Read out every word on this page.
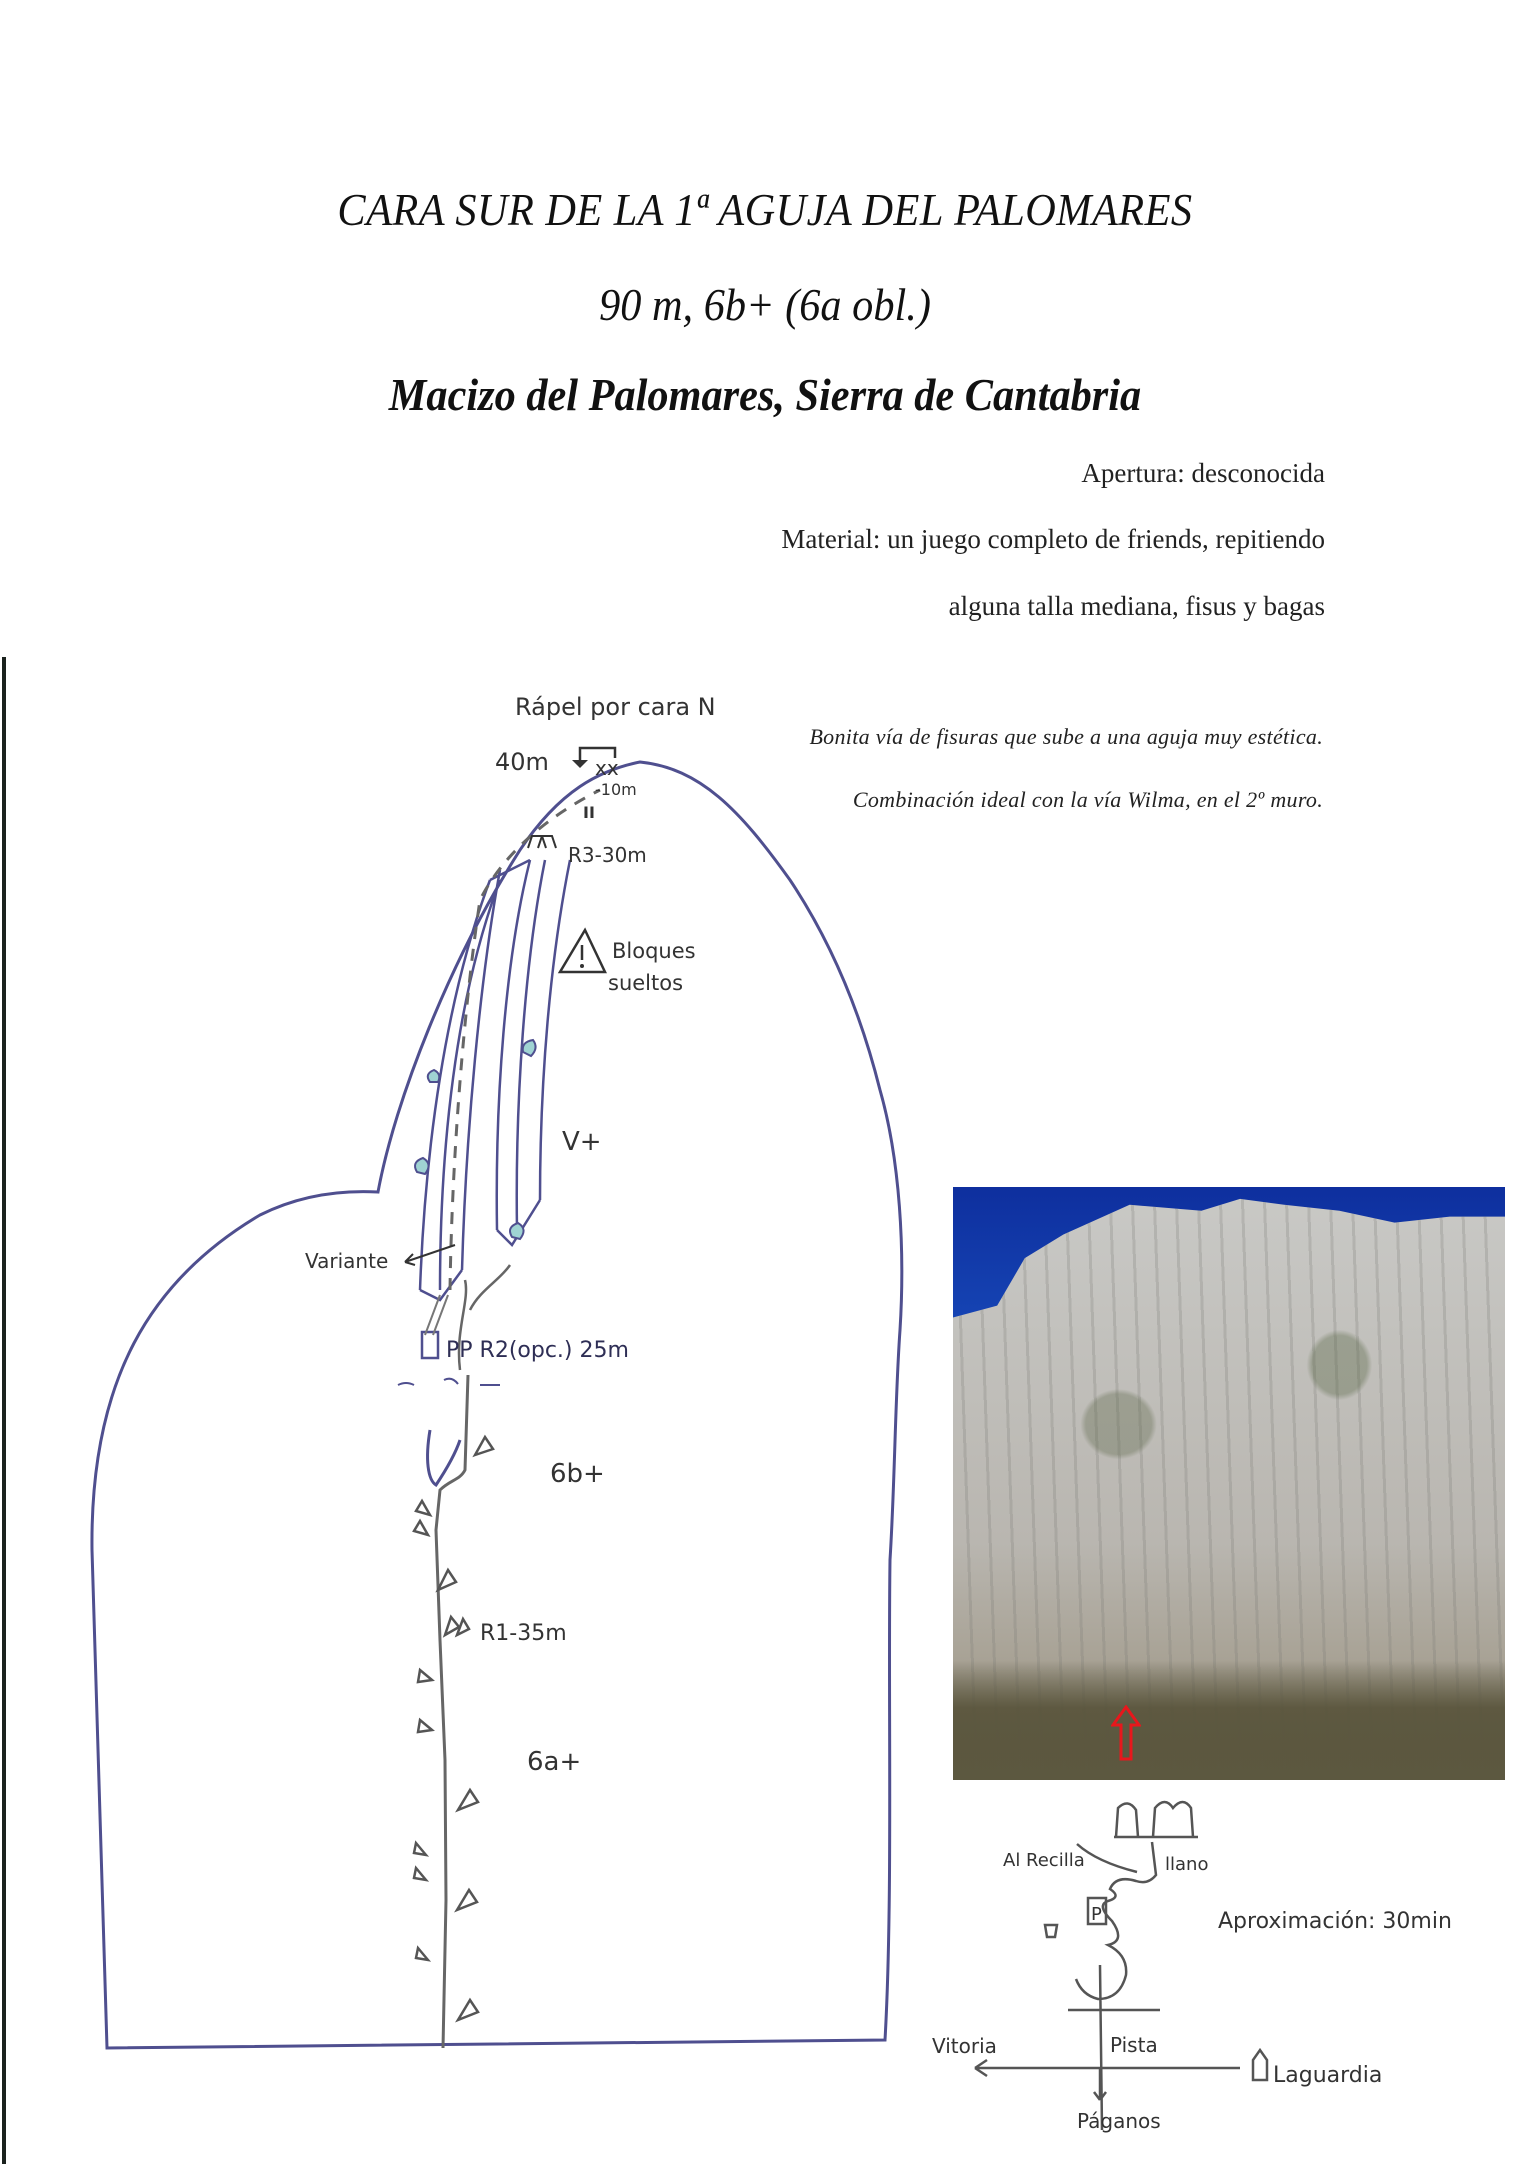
CARA SUR DE LA 1ª AGUJA DEL PALOMARES
90 m, 6b+ (6a obl.)
Macizo del Palomares, Sierra de Cantabria
Apertura: desconocida
Material: un juego completo de friends, repitiendo
alguna talla mediana, fisus y bagas
Bonita vía de fisuras que sube a una aguja muy estética.
Combinación ideal con la vía Wilma, en el 2º muro.
Rápel por cara N
40m xx
-10m
II
R3-30m
Bloques
sueltos
V+
Variante
PP R2(opc.) 25m
6b+
R1-35m
6a+
P
Al Recilla	llano
Aproximación: 30min
Pista
Vitoria
Laguardia
Páganos
